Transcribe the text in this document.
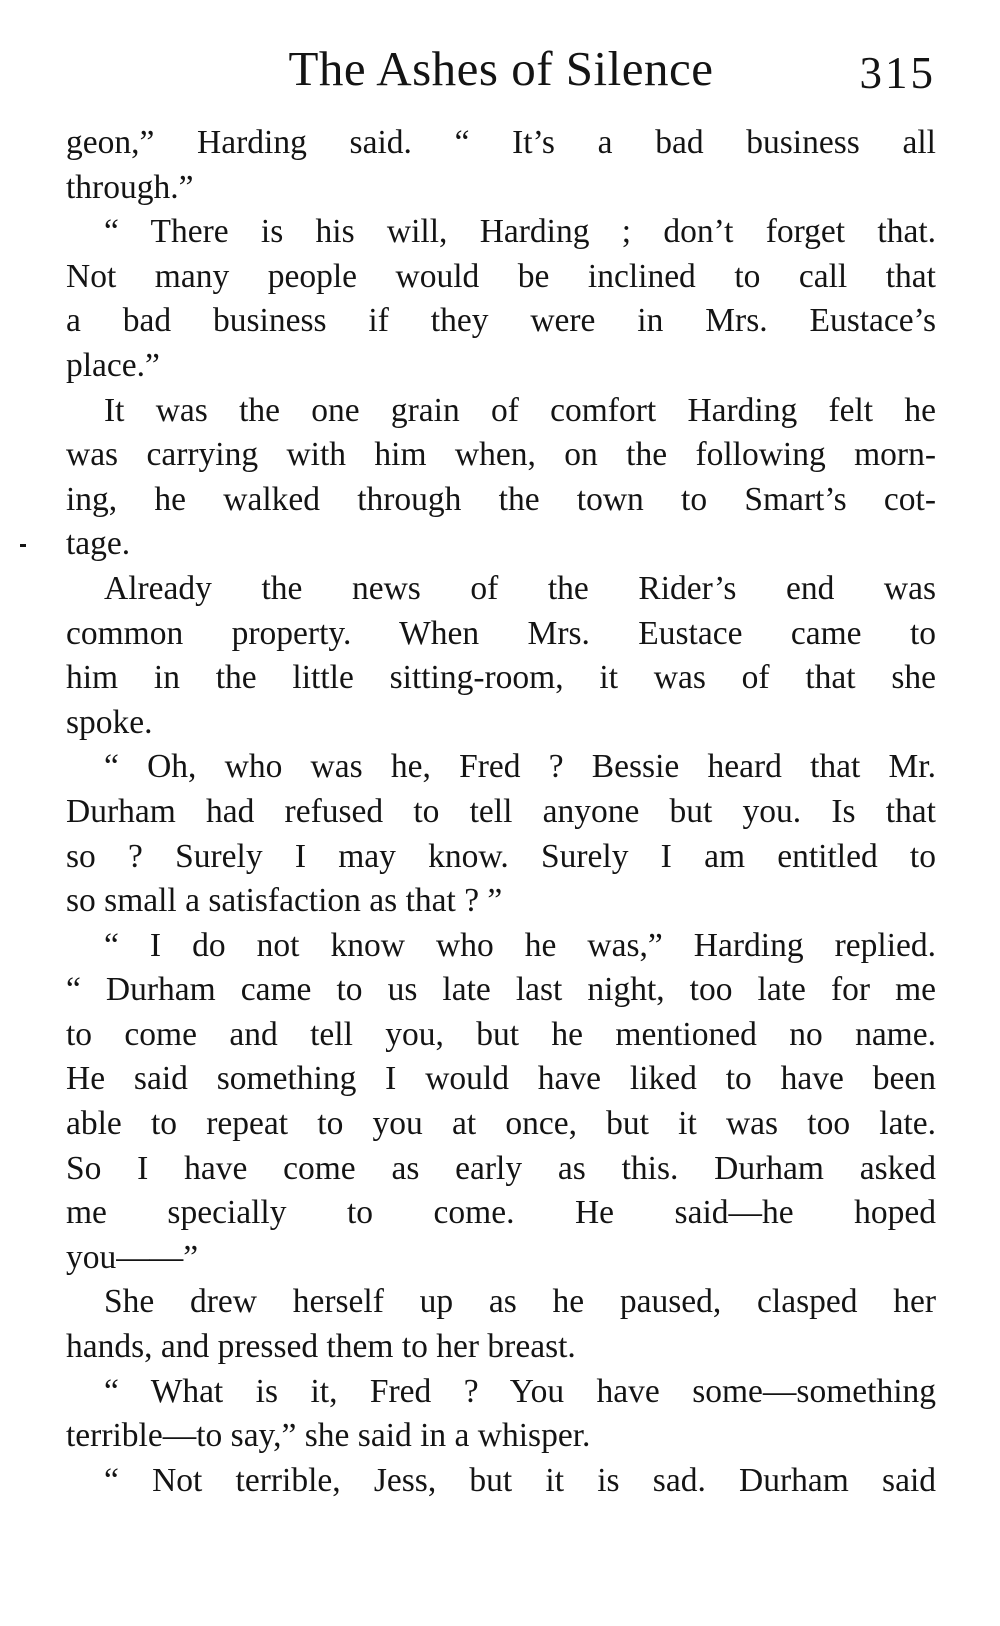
The Ashes of Silence	315
geon,” Harding said. “ It’s a bad business all
through.”
“ There is his will, Harding ; don’t forget that.
Not many people would be inclined to call that
a bad business if they were in Mrs. Eustace’s
place.”
It was the one grain of comfort Harding felt he
was carrying with him when, on the following morn-
ing, he walked through the town to Smart’s cot-
tage.
Already the news of the Rider’s end was
common property. When Mrs. Eustace came to
him in the little sitting-room, it was of that she
spoke.
“ Oh, who was he, Fred ? Bessie heard that Mr.
Durham had refused to tell anyone but you. Is that
so ? Surely I may know. Surely I am entitled to
so small a satisfaction as that ? ”
“ I do not know who he was,” Harding replied.
“ Durham came to us late last night, too late for me
to come and tell you, but he mentioned no name.
He said something I would have liked to have been
able to repeat to you at once, but it was too late.
So I have come as early as this. Durham asked
me specially to come. He said—he hoped
you——”
She drew herself up as he paused, clasped her
hands, and pressed them to her breast.
“ What is it, Fred ? You have some—something
terrible—to say,” she said in a whisper.
“ Not terrible, Jess, but it is sad. Durham said
